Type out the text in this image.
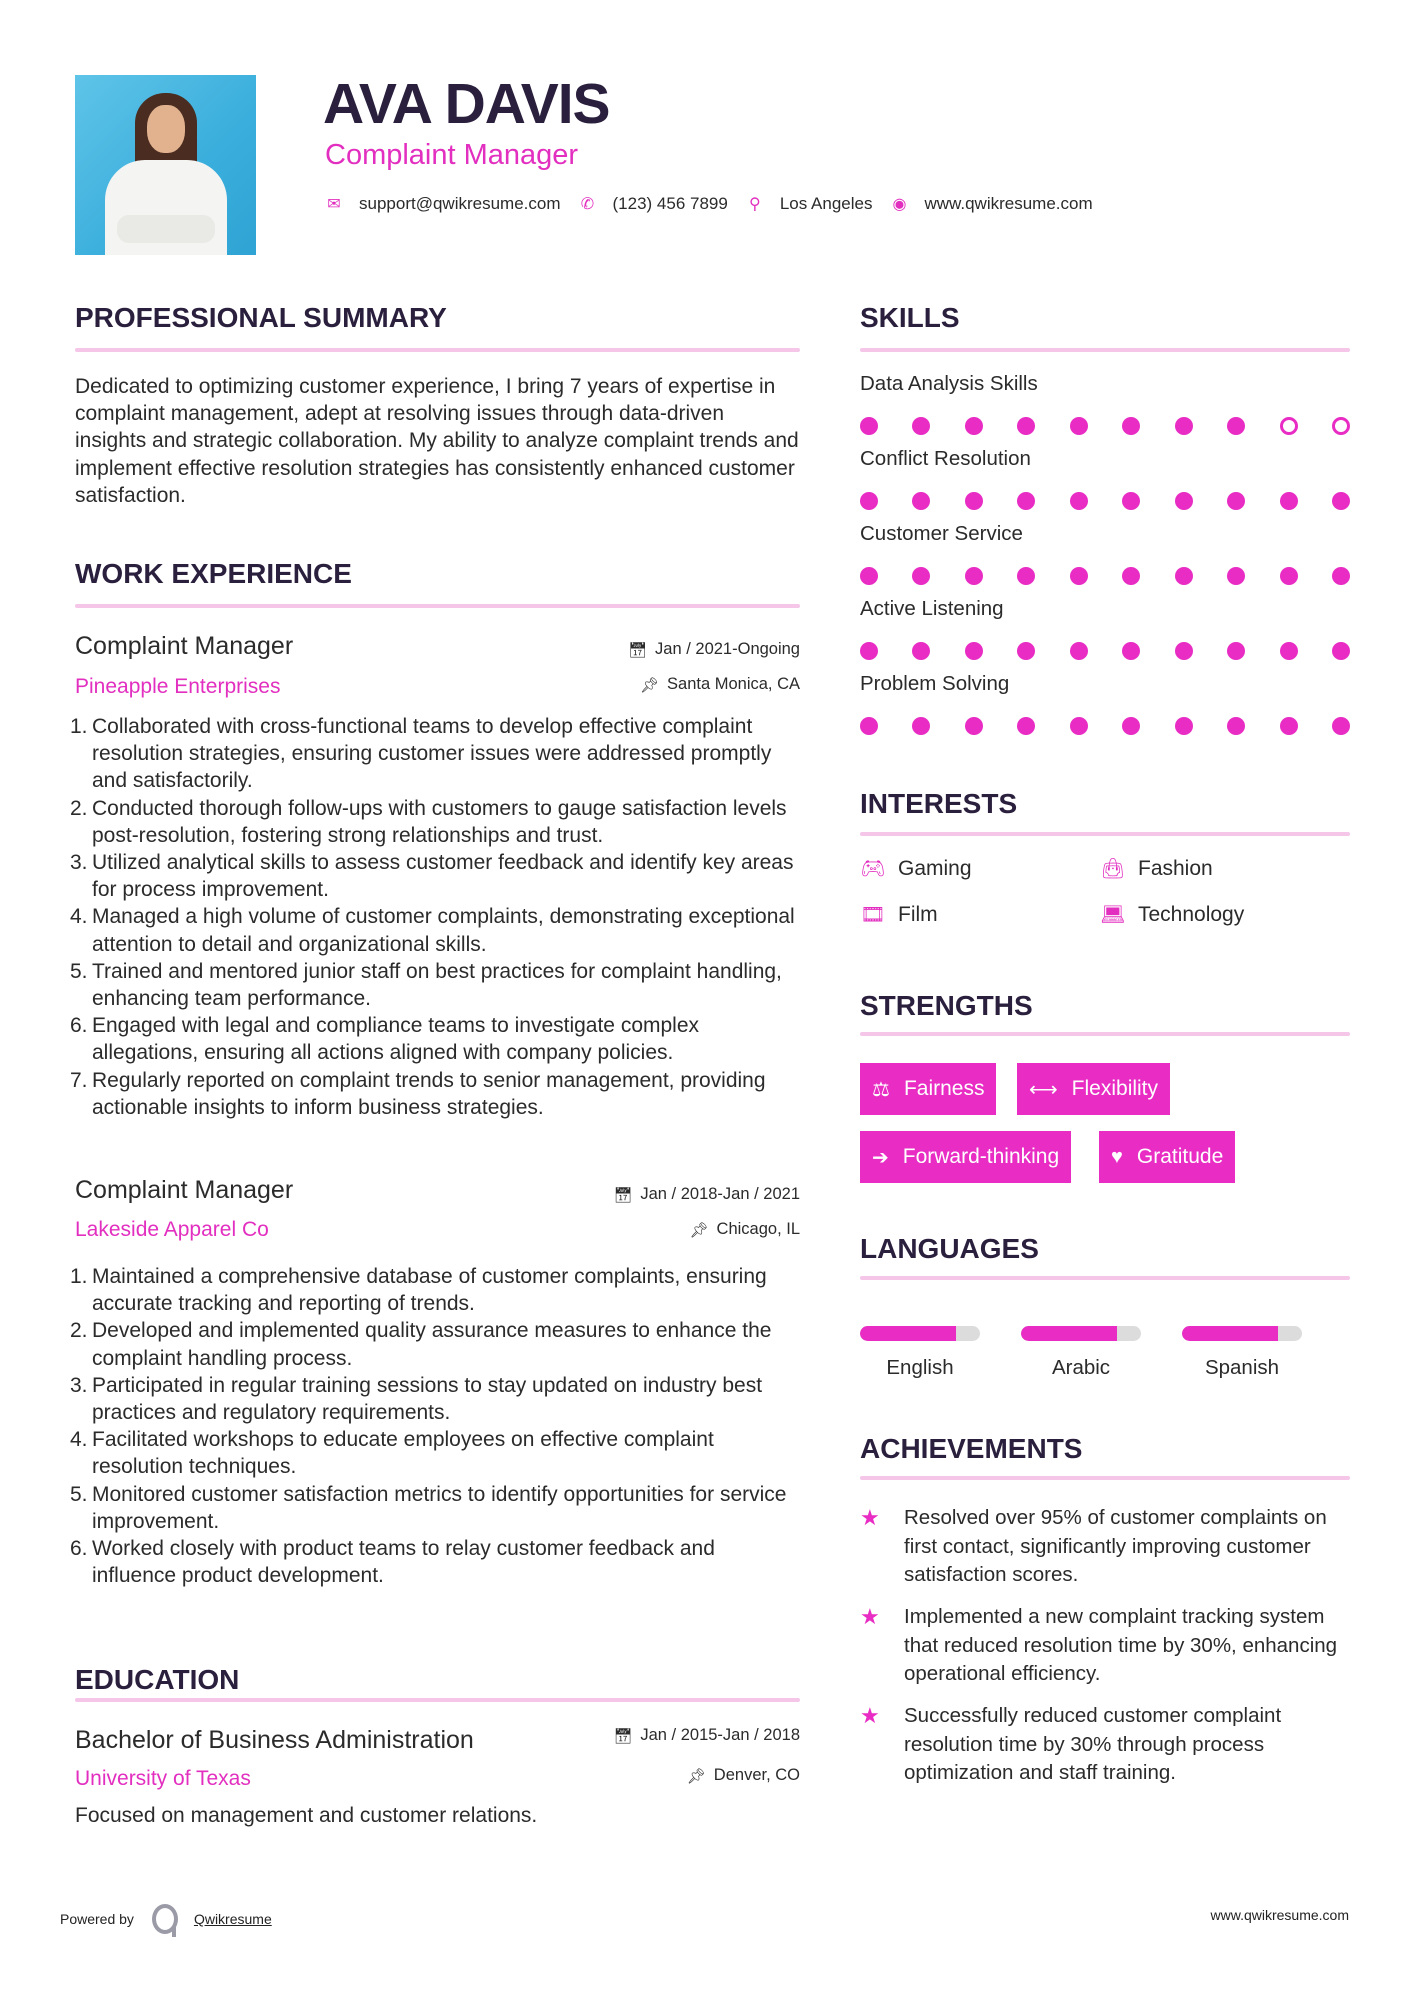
AVA DAVIS
Complaint Manager
✉ support@qwikresume.com ✆ (123) 456 7899 ⚲ Los Angeles ◉ www.qwikresume.com
PROFESSIONAL SUMMARY

Dedicated to optimizing customer experience, I bring 7 years of expertise in complaint management, adept at resolving issues through data-driven insights and strategic collaboration. My ability to analyze complaint trends and implement effective resolution strategies has consistently enhanced customer satisfaction.

WORK EXPERIENCE
Complaint Manager
Pineapple Enterprises
📅︎ Jan / 2021-Ongoing
📌︎ Santa Monica, CA
1. Collaborated with cross-functional teams to develop effective complaint resolution strategies, ensuring customer issues were addressed promptly and satisfactorily.
2. Conducted thorough follow-ups with customers to gauge satisfaction levels post-resolution, fostering strong relationships and trust.
3. Utilized analytical skills to assess customer feedback and identify key areas for process improvement.
4. Managed a high volume of customer complaints, demonstrating exceptional attention to detail and organizational skills.
5. Trained and mentored junior staff on best practices for complaint handling, enhancing team performance.
6. Engaged with legal and compliance teams to investigate complex allegations, ensuring all actions aligned with company policies.
7. Regularly reported on complaint trends to senior management, providing actionable insights to inform business strategies.
Complaint Manager
Lakeside Apparel Co
📅︎ Jan / 2018-Jan / 2021
📌︎ Chicago, IL
1. Maintained a comprehensive database of customer complaints, ensuring accurate tracking and reporting of trends.
2. Developed and implemented quality assurance measures to enhance the complaint handling process.
3. Participated in regular training sessions to stay updated on industry best practices and regulatory requirements.
4. Facilitated workshops to educate employees on effective complaint resolution techniques.
5. Monitored customer satisfaction metrics to identify opportunities for service improvement.
6. Worked closely with product teams to relay customer feedback and influence product development.
EDUCATION
Bachelor of Business Administration
University of Texas
📅︎ Jan / 2015-Jan / 2018
📌︎ Denver, CO
Focused on management and customer relations.
SKILLS
Data Analysis Skills
Conflict Resolution
Customer Service
Active Listening
Problem Solving
INTERESTS
🎮︎ Gaming	👜︎ Fashion
🎞︎ Film	💻︎ Technology
STRENGTHS
⚖ Fairness ⟷ Flexibility
➔ Forward-thinking	♥ Gratitude
LANGUAGES
English	Arabic	Spanish
ACHIEVEMENTS
★	Resolved over 95% of customer complaints on first contact, significantly improving customer satisfaction scores.
★	Implemented a new complaint tracking system that reduced resolution time by 30%, enhancing operational efficiency.
★	Successfully reduced customer complaint resolution time by 30% through process optimization and staff training.
Powered by	Qwikresume	www.qwikresume.com
